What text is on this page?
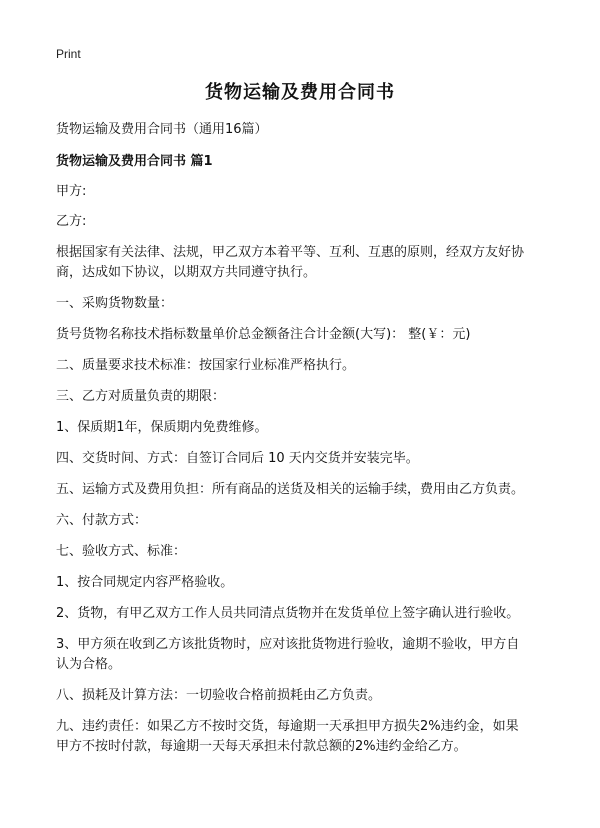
Print
货物运输及费用合同书
货物运输及费用合同书（通用16篇）
货物运输及费用合同书 篇1
甲方:
乙方:
根据国家有关法律、法规，甲乙双方本着平等、互利、互惠的原则，经双方友好协
商，达成如下协议，以期双方共同遵守执行。
一、采购货物数量：
货号货物名称技术指标数量单价总金额备注合计金额(大写)： 整(￥：元)
二、质量要求技术标准：按国家行业标准严格执行。
三、乙方对质量负责的期限：
1、保质期1年，保质期内免费维修。
四、交货时间、方式：自签订合同后 10 天内交货并安装完毕。
五、运输方式及费用负担：所有商品的送货及相关的运输手续，费用由乙方负责。
六、付款方式：
七、验收方式、标准：
1、按合同规定内容严格验收。
2、货物，有甲乙双方工作人员共同清点货物并在发货单位上签字确认进行验收。
3、甲方须在收到乙方该批货物时，应对该批货物进行验收，逾期不验收，甲方自
认为合格。
八、损耗及计算方法：一切验收合格前损耗由乙方负责。
九、违约责任：如果乙方不按时交货，每逾期一天承担甲方损失2%违约金，如果
甲方不按时付款，每逾期一天每天承担未付款总额的2%违约金给乙方。
